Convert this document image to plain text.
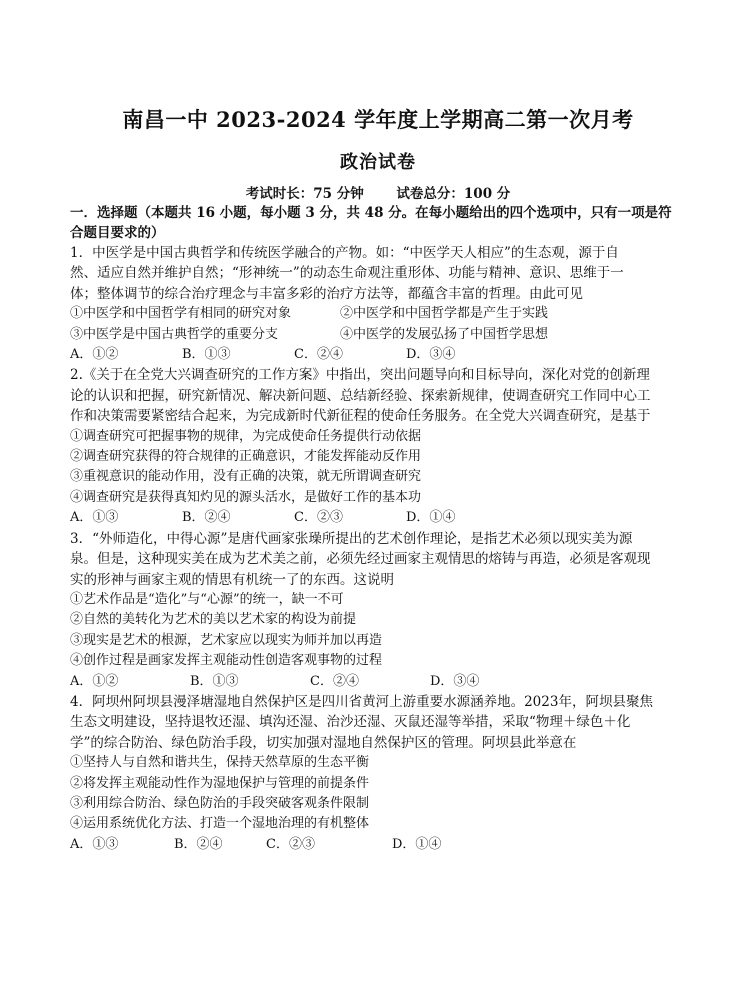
南昌一中 2023-2024 学年度上学期高二第一次月考
政治试卷
考试时长：75 分钟 试卷总分：100 分
一．选择题（本题共 16 小题，每小题 3 分，共 48 分。在每小题给出的四个选项中，只有一项是符
合题目要求的）
1．中医学是中国古典哲学和传统医学融合的产物。如：“中医学天人相应”的生态观，源于自
然、适应自然并维护自然；“形神统一”的动态生命观注重形体、功能与精神、意识、思维于一
体；整体调节的综合治疗理念与丰富多彩的治疗方法等，都蕴含丰富的哲理。由此可见
①中医学和中国哲学有相同的研究对象	②中医学和中国哲学都是产生于实践
③中医学是中国古典哲学的重要分支	④中医学的发展弘扬了中国哲学思想
A．①②	B．①③	C．②④	D．③④
2.《关于在全党大兴调查研究的工作方案》中指出，突出问题导向和目标导向，深化对党的创新理
论的认识和把握，研究新情况、解决新问题、总结新经验、探索新规律，使调查研究工作同中心工
作和决策需要紧密结合起来，为完成新时代新征程的使命任务服务。在全党大兴调查研究，是基于
①调查研究可把握事物的规律，为完成使命任务提供行动依据
②调查研究获得的符合规律的正确意识，才能发挥能动反作用
③重视意识的能动作用，没有正确的决策，就无所谓调查研究
④调查研究是获得真知灼见的源头活水，是做好工作的基本功
A．①③	B．②④	C．②③	D．①④
3．“外师造化，中得心源”是唐代画家张璪所提出的艺术创作理论，是指艺术必须以现实美为源
泉。但是，这种现实美在成为艺术美之前，必须先经过画家主观情思的熔铸与再造，必须是客观现
实的形神与画家主观的情思有机统一了的东西。这说明
①艺术作品是“造化”与“心源”的统一，缺一不可
②自然的美转化为艺术的美以艺术家的构设为前提
③现实是艺术的根源，艺术家应以现实为师并加以再造
④创作过程是画家发挥主观能动性创造客观事物的过程
A．①②	B．①③	C．②④	D．③④
4．阿坝州阿坝县漫泽塘湿地自然保护区是四川省黄河上游重要水源涵养地。2023年，阿坝县聚焦
生态文明建设，坚持退牧还湿、填沟还湿、治沙还湿、灭鼠还湿等举措，采取“物理＋绿色＋化
学”的综合防治、绿色防治手段，切实加强对湿地自然保护区的管理。阿坝县此举意在
①坚持人与自然和谐共生，保持天然草原的生态平衡
②将发挥主观能动性作为湿地保护与管理的前提条件
③利用综合防治、绿色防治的手段突破客观条件限制
④运用系统优化方法、打造一个湿地治理的有机整体
A．①③	B．②④	C．②③	D．①④
